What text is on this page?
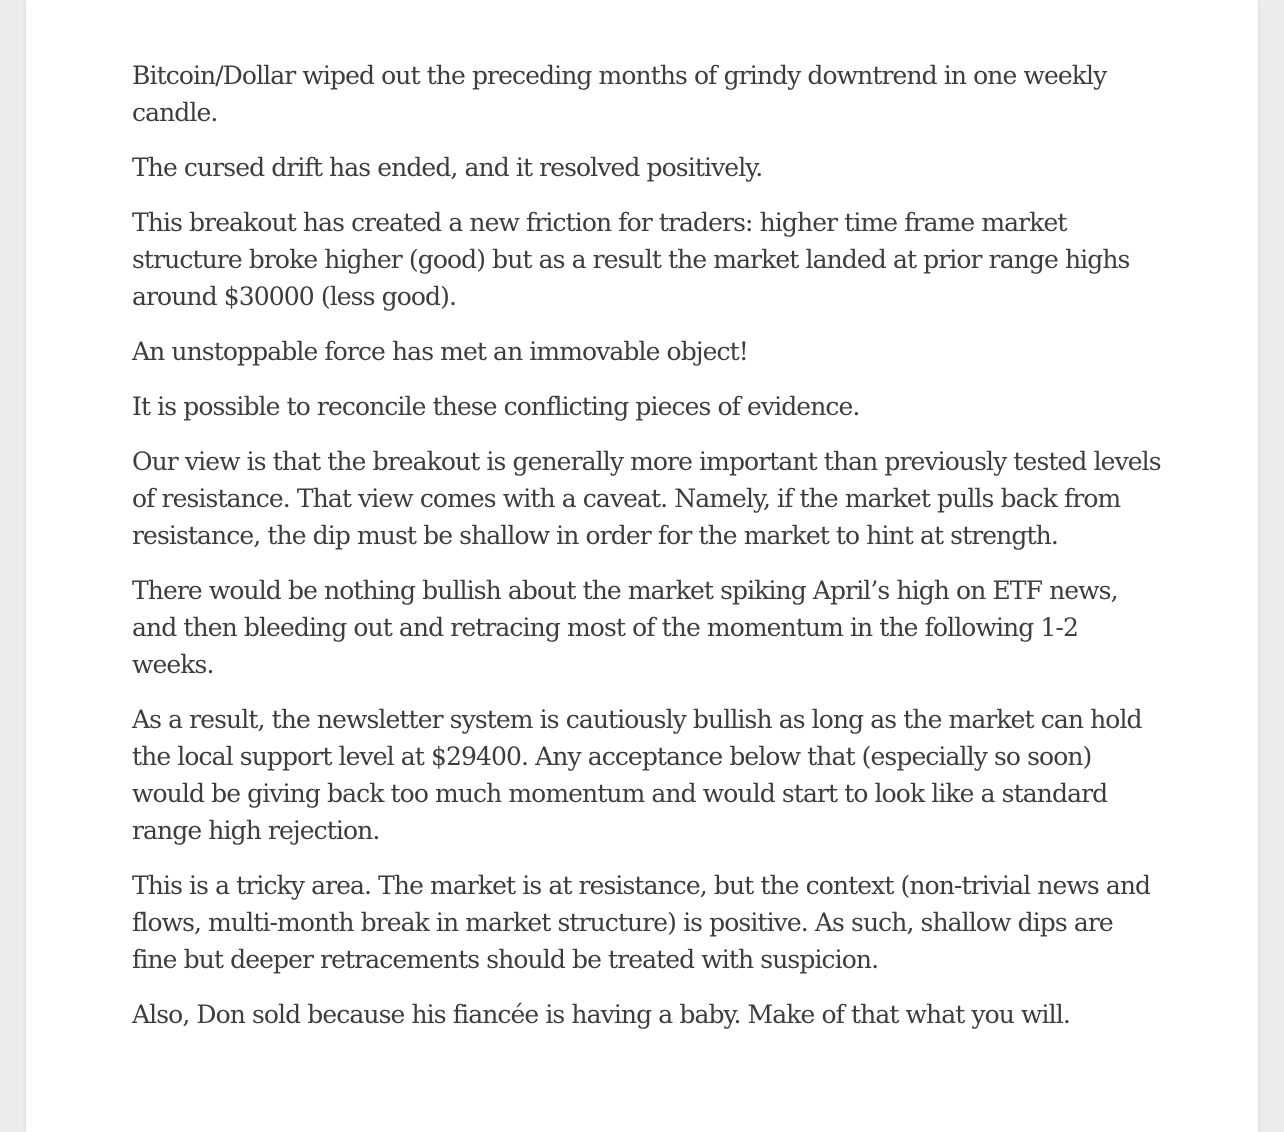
Bitcoin/Dollar wiped out the preceding months of grindy downtrend in one weekly candle.

The cursed drift has ended, and it resolved positively.

This breakout has created a new friction for traders: higher time frame market structure broke higher (good) but as a result the market landed at prior range highs around $30000 (less good).

An unstoppable force has met an immovable object!

It is possible to reconcile these conflicting pieces of evidence.

Our view is that the breakout is generally more important than previously tested levels of resistance. That view comes with a caveat. Namely, if the market pulls back from resistance, the dip must be shallow in order for the market to hint at strength.

There would be nothing bullish about the market spiking April’s high on ETF news, and then bleeding out and retracing most of the momentum in the following 1-2 weeks.

As a result, the newsletter system is cautiously bullish as long as the market can hold the local support level at $29400. Any acceptance below that (especially so soon) would be giving back too much momentum and would start to look like a standard range high rejection.

This is a tricky area. The market is at resistance, but the context (non-trivial news and flows, multi-month break in market structure) is positive. As such, shallow dips are fine but deeper retracements should be treated with suspicion.

Also, Don sold because his fiancée is having a baby. Make of that what you will.
